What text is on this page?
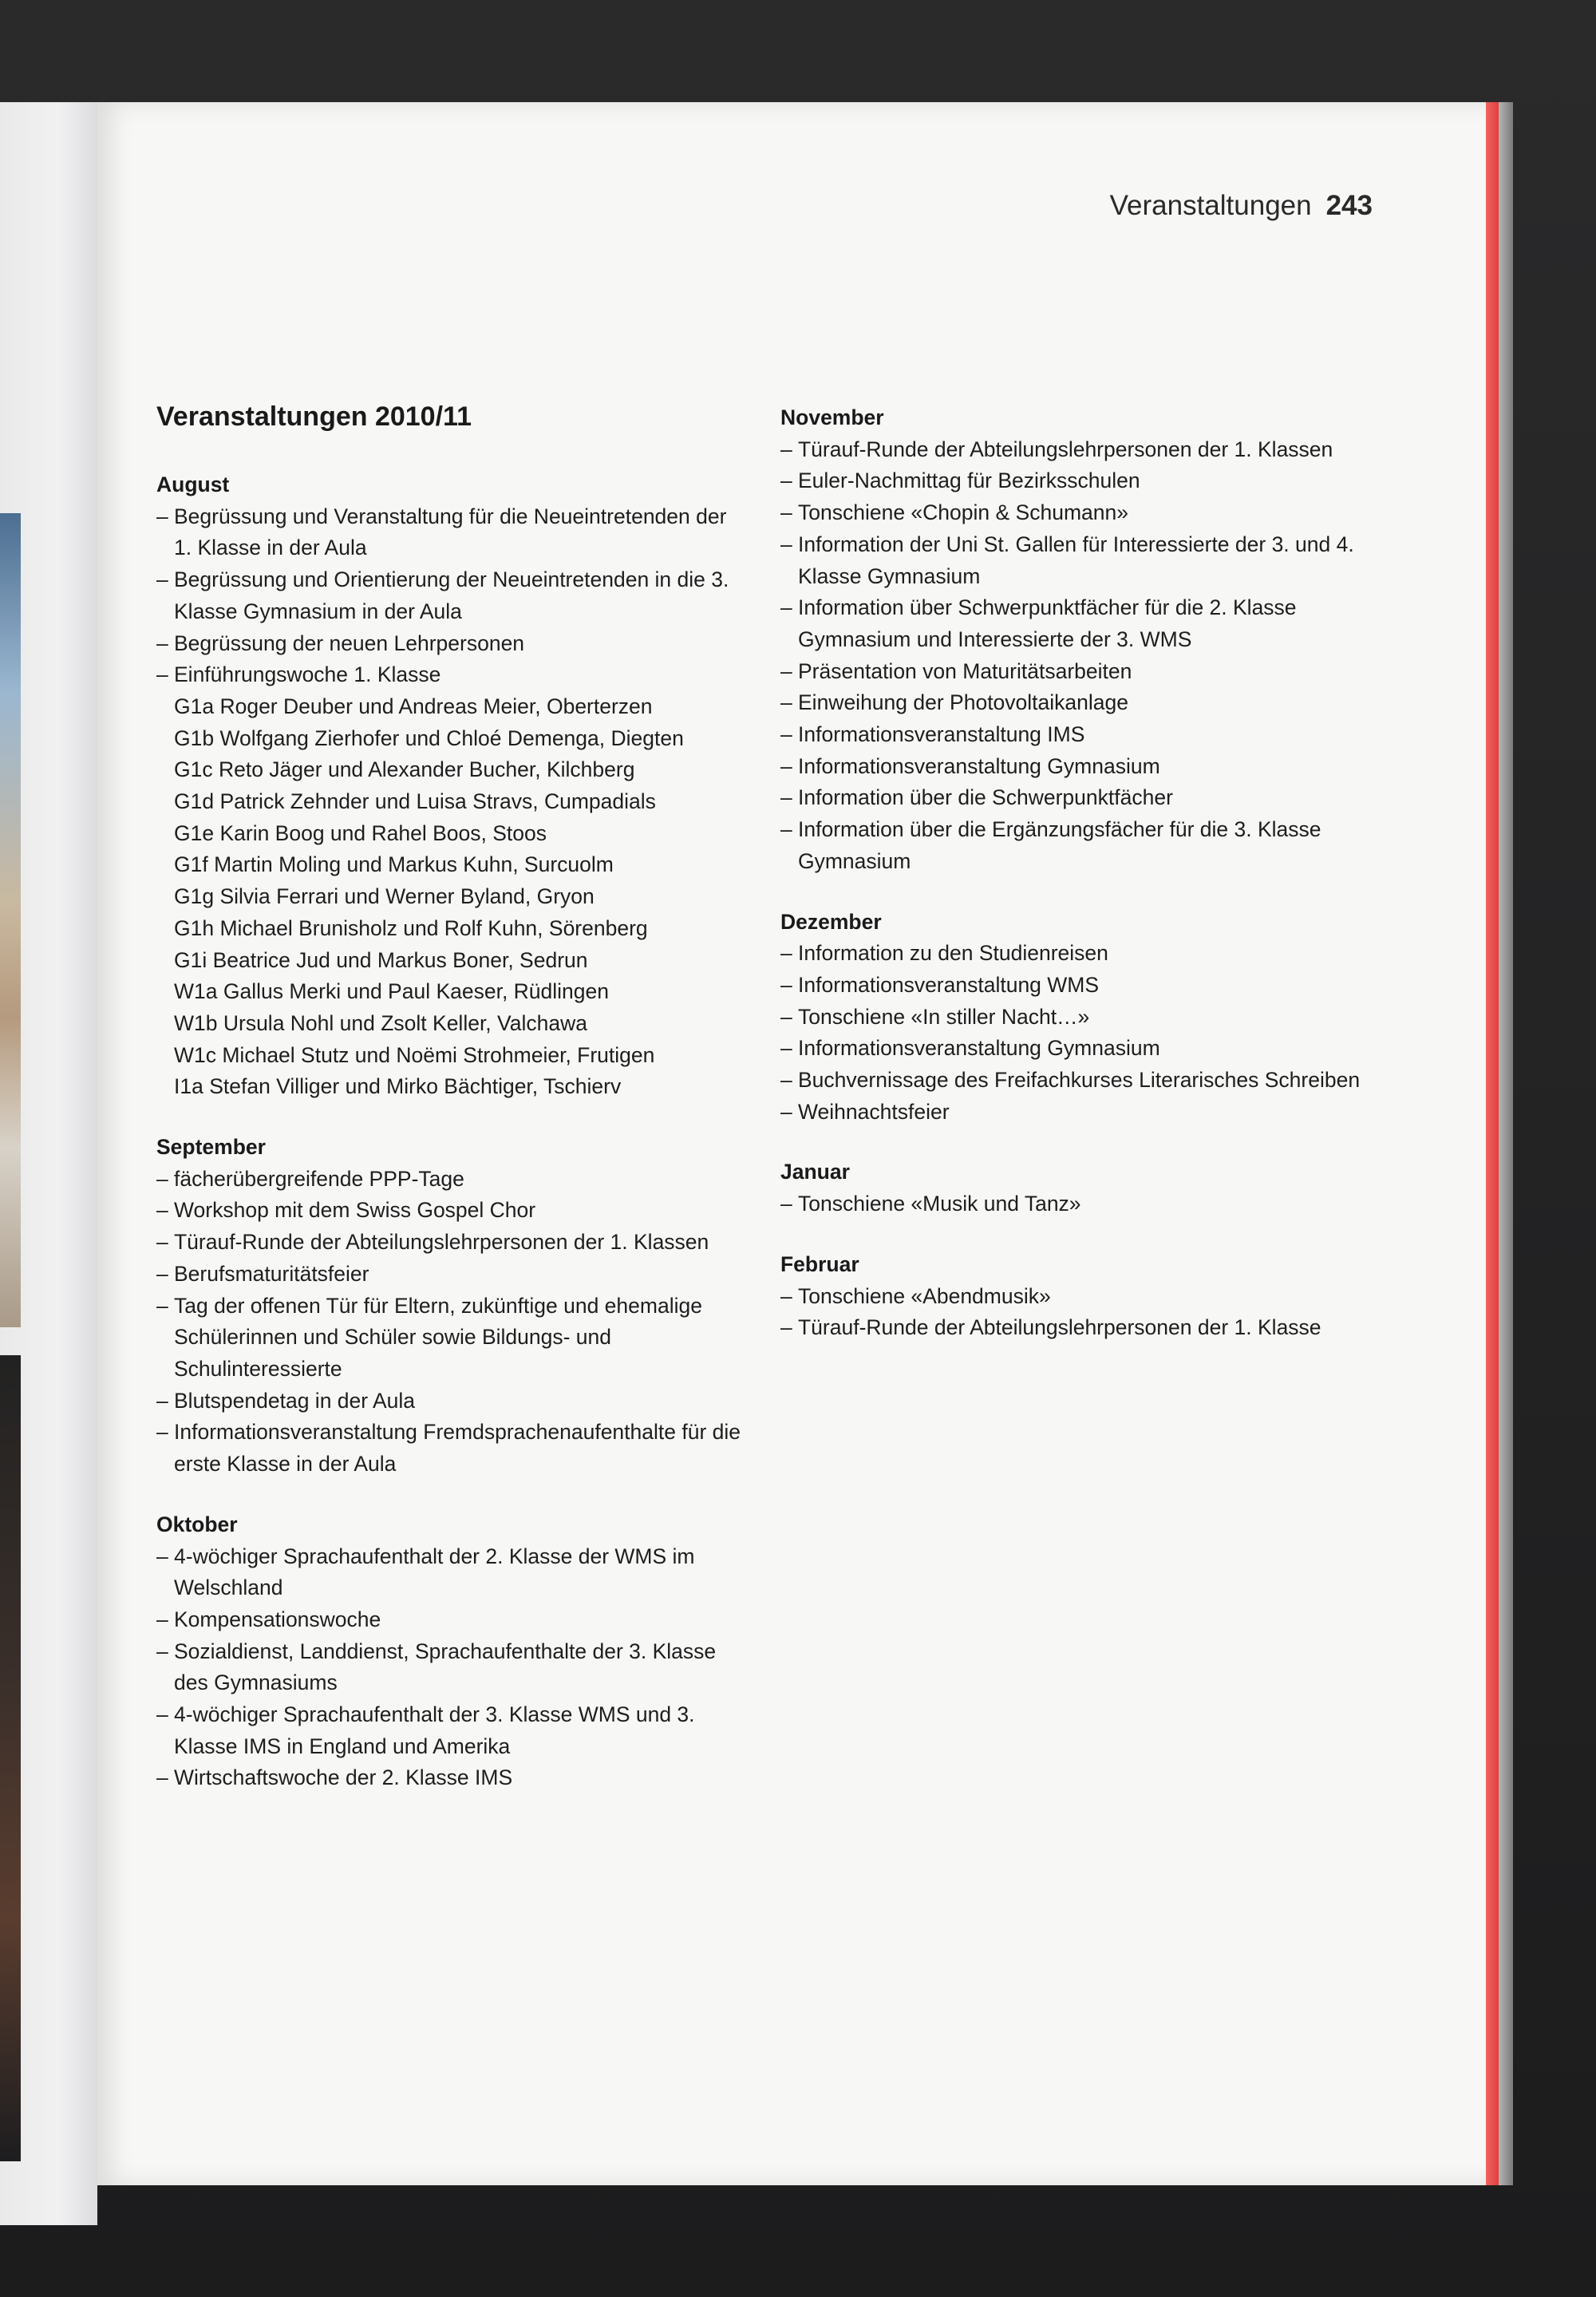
Veranstaltungen 243
Veranstaltungen 2010/11
August
– Begrüssung und Veranstaltung für die Neueintretenden der 1. Klasse in der Aula
– Begrüssung und Orientierung der Neueintretenden in die 3. Klasse Gymnasium in der Aula
– Begrüssung der neuen Lehrpersonen
– Einführungswoche 1. Klasse
G1a Roger Deuber und Andreas Meier, Oberterzen
G1b Wolfgang Zierhofer und Chloé Demenga, Diegten
G1c Reto Jäger und Alexander Bucher, Kilchberg
G1d Patrick Zehnder und Luisa Stravs, Cumpadials
G1e Karin Boog und Rahel Boos, Stoos
G1f Martin Moling und Markus Kuhn, Surcuolm
G1g Silvia Ferrari und Werner Byland, Gryon
G1h Michael Brunisholz und Rolf Kuhn, Sörenberg
G1i Beatrice Jud und Markus Boner, Sedrun
W1a Gallus Merki und Paul Kaeser, Rüdlingen
W1b Ursula Nohl und Zsolt Keller, Valchawa
W1c Michael Stutz und Noëmi Strohmeier, Frutigen
I1a Stefan Villiger und Mirko Bächtiger, Tschierv
September
– fächerübergreifende PPP-Tage
– Workshop mit dem Swiss Gospel Chor
– Türauf-Runde der Abteilungslehrpersonen der 1. Klassen
– Berufsmaturitätsfeier
– Tag der offenen Tür für Eltern, zukünftige und ehemalige Schülerinnen und Schüler sowie Bildungs- und Schulinteressierte
– Blutspendetag in der Aula
– Informationsveranstaltung Fremdsprachenaufenthalte für die erste Klasse in der Aula
Oktober
– 4-wöchiger Sprachaufenthalt der 2. Klasse der WMS im Welschland
– Kompensationswoche
– Sozialdienst, Landdienst, Sprachaufenthalte der 3. Klasse des Gymnasiums
– 4-wöchiger Sprachaufenthalt der 3. Klasse WMS und 3. Klasse IMS in England und Amerika
– Wirtschaftswoche der 2. Klasse IMS
November
– Türauf-Runde der Abteilungslehrpersonen der 1. Klassen
– Euler-Nachmittag für Bezirksschulen
– Tonschiene «Chopin & Schumann»
– Information der Uni St. Gallen für Interessierte der 3. und 4. Klasse Gymnasium
– Information über Schwerpunktfächer für die 2. Klasse Gymnasium und Interessierte der 3. WMS
– Präsentation von Maturitätsarbeiten
– Einweihung der Photovoltaikanlage
– Informationsveranstaltung IMS
– Informationsveranstaltung Gymnasium
– Information über die Schwerpunktfächer
– Information über die Ergänzungsfächer für die 3. Klasse Gymnasium
Dezember
– Information zu den Studienreisen
– Informationsveranstaltung WMS
– Tonschiene «In stiller Nacht…»
– Informationsveranstaltung Gymnasium
– Buchvernissage des Freifachkurses Literarisches Schreiben
– Weihnachtsfeier
Januar
– Tonschiene «Musik und Tanz»
Februar
– Tonschiene «Abendmusik»
– Türauf-Runde der Abteilungslehrpersonen der 1. Klasse
